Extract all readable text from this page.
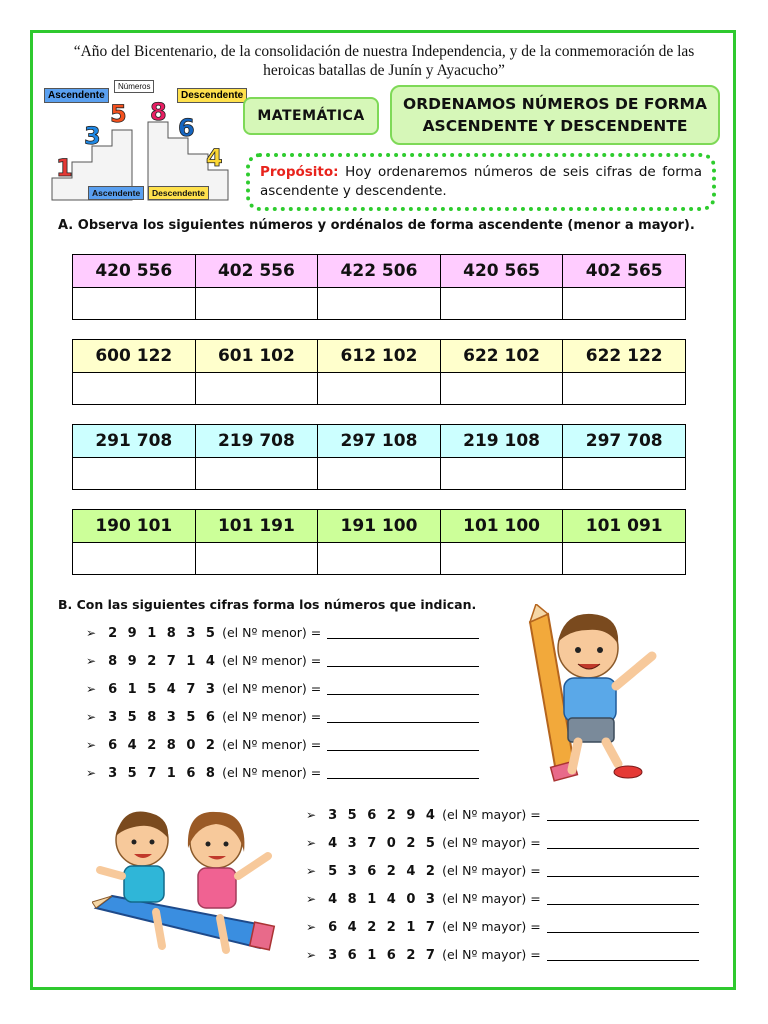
“Año del Bicentenario, de la consolidación de nuestra Independencia, y de la conmemoración de las heroicas batallas de Junín y Ayacucho”
1
3
5 8
6
4
Ascendente
Números
Descendente
Ascendente	Descendente
MATEMÁTICA
ORDENAMOS NÚMEROS DE FORMA
ASCENDENTE Y DESCENDENTE
Propósito: Hoy ordenaremos números de seis cifras de forma ascendente y descendente.
A. Observa los siguientes números y ordénalos de forma ascendente (menor a mayor).
420 556	402 556	422 506	420 565	402 565

600 122	601 102	612 102	622 102	622 122

291 708	219 708	297 108	219 108	297 708

190 101	101 191	191 100	101 100	101 091

B. Con las siguientes cifras forma los números que indican.
➢ 2 9 1 8 3 5 (el Nº menor) =
➢ 8 9 2 7 1 4 (el Nº menor) =
➢ 6 1 5 4 7 3 (el Nº menor) =
➢ 3 5 8 3 5 6 (el Nº menor) =
➢ 6 4 2 8 0 2 (el Nº menor) =
➢ 3 5 7 1 6 8 (el Nº menor) =
➢ 3 5 6 2 9 4 (el Nº mayor) =
➢ 4 3 7 0 2 5 (el Nº mayor) =
➢ 5 3 6 2 4 2 (el Nº mayor) =
➢ 4 8 1 4 0 3 (el Nº mayor) =
➢ 6 4 2 2 1 7 (el Nº mayor) =
➢ 3 6 1 6 2 7 (el Nº mayor) =
